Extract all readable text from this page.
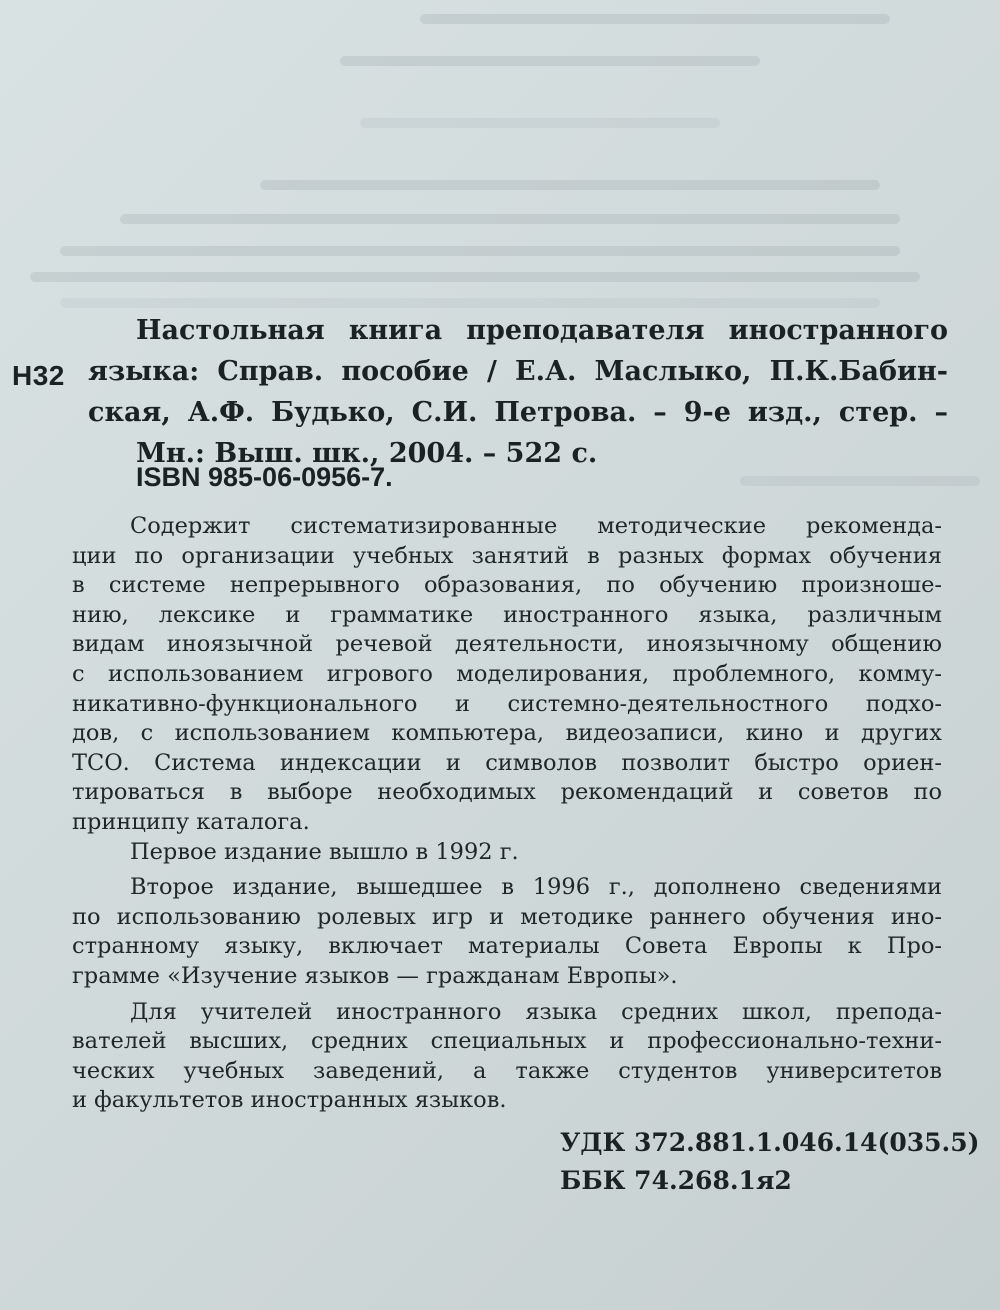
Н32
Настольная книга преподавателя иностранного
языка: Справ. пособие / Е.А. Маслыко, П.К.Бабин-
ская, А.Ф. Будько, С.И. Петрова. – 9-е изд., стер. –
Мн.: Выш. шк., 2004. – 522 с.
ISBN 985-06-0956-7.
Содержит систематизированные методические рекоменда-
ции по организации учебных занятий в разных формах обучения
в системе непрерывного образования, по обучению произноше-
нию, лексике и грамматике иностранного языка, различным
видам иноязычной речевой деятельности, иноязычному общению
с использованием игрового моделирования, проблемного, комму-
никативно-функционального и системно-деятельностного подхо-
дов, с использованием компьютера, видеозаписи, кино и других
ТСО. Система индексации и символов позволит быстро ориен-
тироваться в выборе необходимых рекомендаций и советов по
принципу каталога.
Первое издание вышло в 1992 г.
Второе издание, вышедшее в 1996 г., дополнено сведениями
по использованию ролевых игр и методике раннего обучения ино-
странному языку, включает материалы Совета Европы к Про-
грамме «Изучение языков — гражданам Европы».
Для учителей иностранного языка средних школ, препода-
вателей высших, средних специальных и профессионально-техни-
ческих учебных заведений, а также студентов университетов
и факультетов иностранных языков.
УДК 372.881.1.046.14(035.5)
ББК 74.268.1я2
